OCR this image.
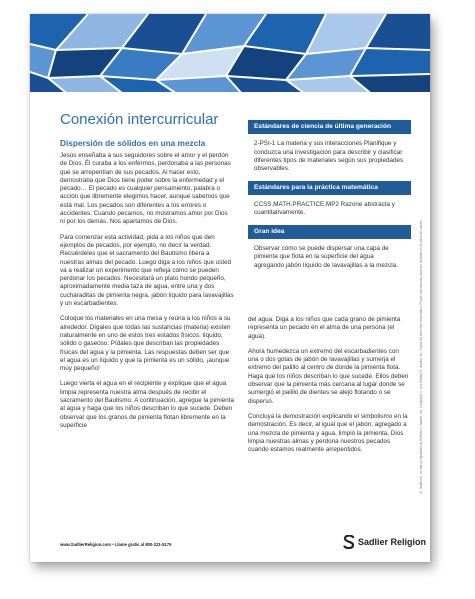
® Sadlier® es marca registrada de William H. Sadlier, Inc. Copyright © por William H. Sadlier, Inc. Todos los derechos reservados. Puede reproducirse para ser utilizado en el salón de clases.
Conexión intercurricular
Dispersión de sólidos en una mezcla

Jesús enseñaba a sus seguidores sobre el amor y el perdón de Dios. Él curaba a los enfermos, perdonaba a las personas que se arrepentían de sus pecados. Al hacer esto, demostraba que Dios tiene poder sobre la enfermedad y el pecado… El pecado es cualquier pensamiento, palabra o acción que libremente elegimos hacer, aunque sabemos que está mal. Los pecados son diferentes a los errores o accidentes. Cuando pecamos, no mostramos amor por Dios ni por los demás. Nos apartamos de Dios.

Para comenzar esta actividad, pida a los niños que den ejemplos de pecados, por ejemplo, no decir la verdad. Recuérdeles que el sacramento del Bautismo libera a nuestras almas del pecado. Luego diga a los niños que usted va a realizar un experimento que refleja cómo se pueden perdonar los pecados. Necesitará un plato hondo pequeño, aproximadamente media taza de agua, entre una y dos cucharaditas de pimienta negra, jabón líquido para lavavajillas y un escarbadientes.

Coloque los materiales en una mesa y reúna a los niños a su alrededor. Dígales que todas las sustancias (materia) existen naturalmente en uno de estos tres estados físicos: líquido, sólido o gaseoso. Pídales que describan las propiedades físicas del agua y la pimienta. Las respuestas deben ser que el agua es un líquido y que la pimienta es un sólido, ¡aunque muy pequeño!

Luego vierta el agua en el recipiente y explique que el agua limpia representa nuestra alma después de recibir el sacramento del Bautismo. A continuación, agregue la pimienta al agua y haga que los niños describan lo que sucede. Deben observar que los granos de pimienta flotan libremente en la superficie

Estándares de ciencia de última generación

2-PSI-1 La materia y sus interacciones Planifique y conduzca una investigación para describir y clasificar diferentes tipos de materiales según sus propiedades observables.

Estándares para la práctica matemática

CCSS.MATH.PRACTICE.MP2 Razone abstracta y cuantitativamente.

Gran idea

Observar cómo se puede dispersar una capa de pimienta que flota en la superficie del agua agregando jabón líquido de lavavajillas a la mezcla.

del agua. Diga a los niños que cada grano de pimienta representa un pecado en el alma de una persona (el agua).

Ahora humedezca un extremo del escarbadientes con una o dos gotas de jabón de lavavajillas y sumerja el extremo del palillo al centro de donde la pimienta flota. Haga que los niños describan lo que sucede. Ellos deben observar que la pimienta más cercana al lugar donde se sumergió el palillo de dientes se alejó flotando o se dispersó.

Concluya la demostración explicando el simbolismo en la demostración. Es decir, al igual que el jabón, agregado a una mezcla de pimienta y agua, limpió la pimienta, Dios limpia nuestras almas y perdona nuestros pecados cuando estamos realmente arrepentidos.

www.SadlierReligion.com • Llame gratis al 800-221-5175	Sadlier Religion
